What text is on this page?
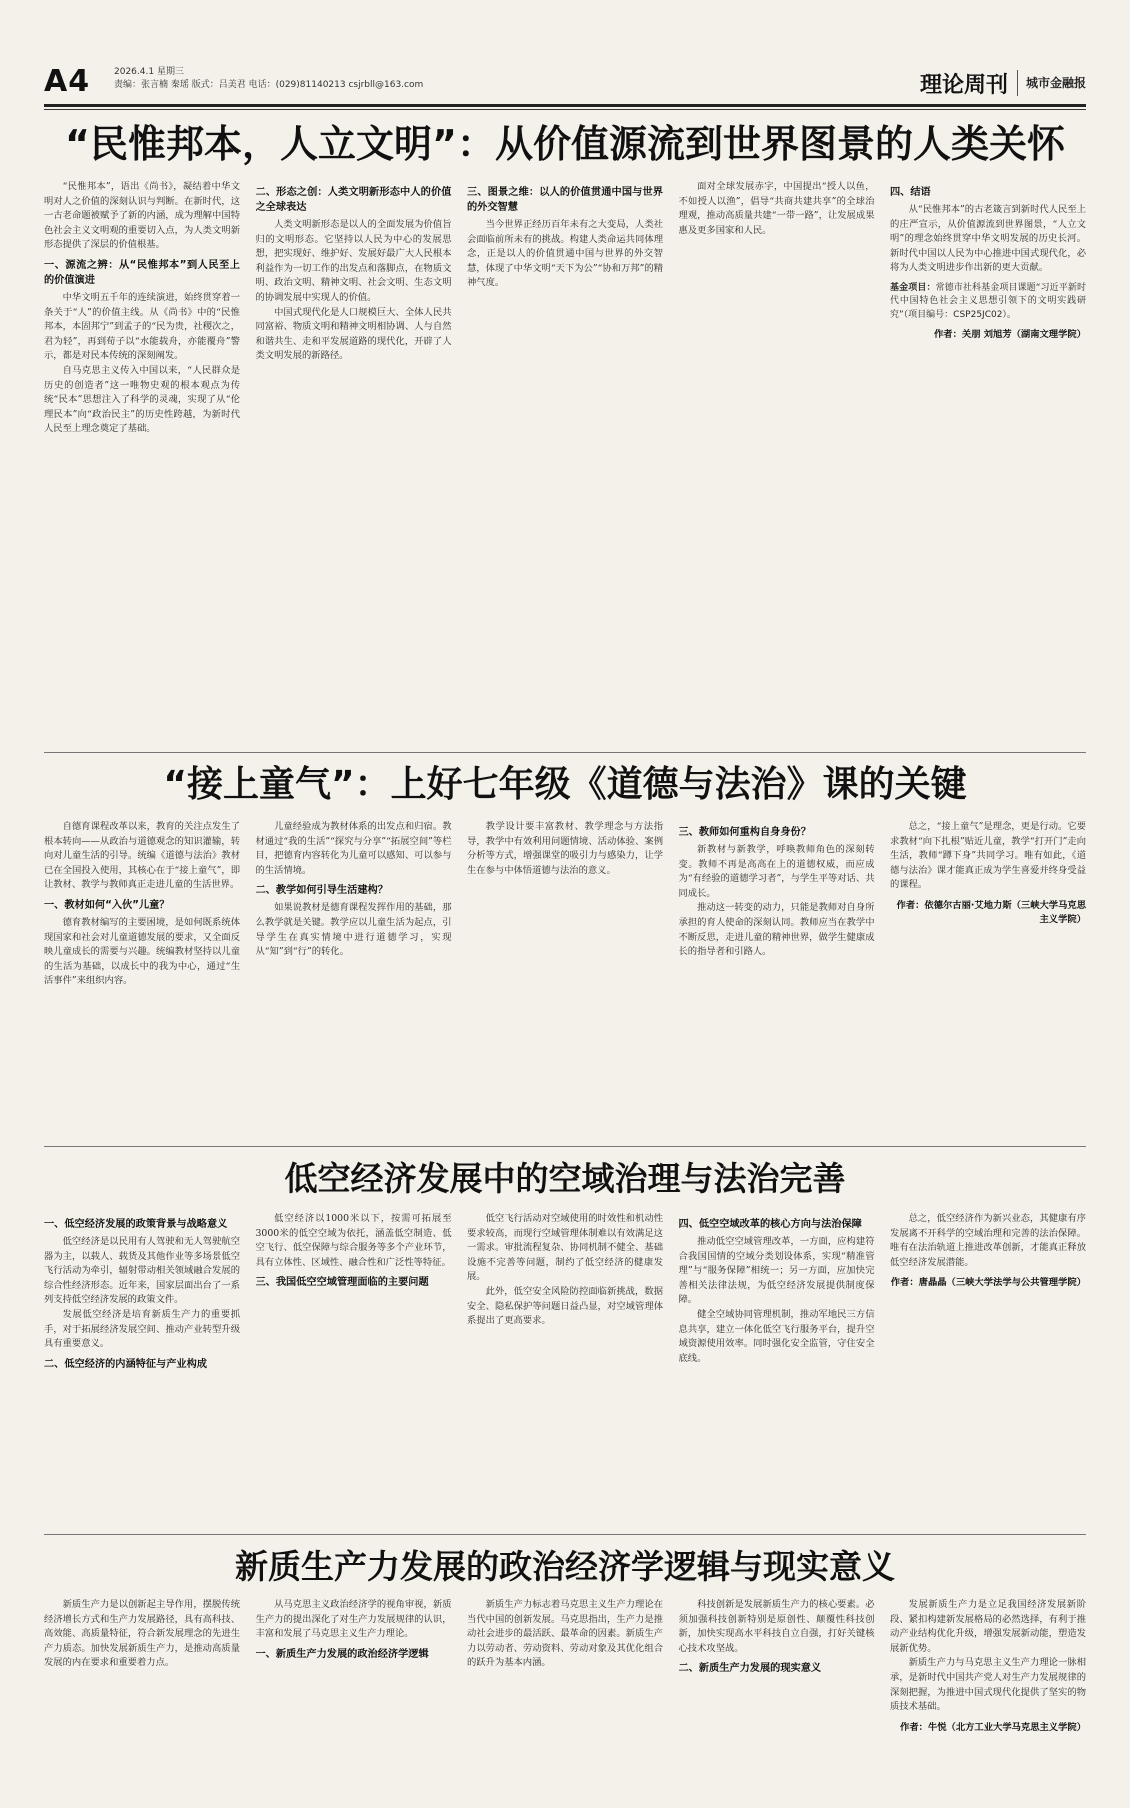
A4	2026.4.1 星期三
责编：张言楠 秦瑶 版式：吕美君 电话：(029)81140213 csjrbll@163.com	理论周刊 城市金融报
“民惟邦本，人立文明”：从价值源流到世界图景的人类关怀

“民惟邦本”，语出《尚书》，凝结着中华文明对人之价值的深刻认识与判断。在新时代，这一古老命题被赋予了新的内涵，成为理解中国特色社会主义文明观的重要切入点，为人类文明新形态提供了深层的价值根基。

一、源流之辨：从“民惟邦本”到人民至上的价值演进

中华文明五千年的连续演进，始终贯穿着一条关于“人”的价值主线。从《尚书》中的“民惟邦本，本固邦宁”到孟子的“民为贵，社稷次之，君为轻”，再到荀子以“水能载舟，亦能覆舟”警示，都是对民本传统的深刻阐发。

自马克思主义传入中国以来，“人民群众是历史的创造者”这一唯物史观的根本观点为传统“民本”思想注入了科学的灵魂，实现了从“伦理民本”向“政治民主”的历史性跨越，为新时代人民至上理念奠定了基础。

二、形态之创：人类文明新形态中人的价值之全球表达

人类文明新形态是以人的全面发展为价值旨归的文明形态。它坚持以人民为中心的发展思想，把实现好、维护好、发展好最广大人民根本利益作为一切工作的出发点和落脚点，在物质文明、政治文明、精神文明、社会文明、生态文明的协调发展中实现人的价值。

中国式现代化是人口规模巨大、全体人民共同富裕、物质文明和精神文明相协调、人与自然和谐共生、走和平发展道路的现代化，开辟了人类文明发展的新路径。

三、图景之维：以人的价值贯通中国与世界的外交智慧

当今世界正经历百年未有之大变局，人类社会面临前所未有的挑战。构建人类命运共同体理念，正是以人的价值贯通中国与世界的外交智慧，体现了中华文明“天下为公”“协和万邦”的精神气度。

面对全球发展赤字，中国提出“授人以鱼，不如授人以渔”，倡导“共商共建共享”的全球治理观，推动高质量共建“一带一路”，让发展成果惠及更多国家和人民。

四、结语

从“民惟邦本”的古老箴言到新时代人民至上的庄严宣示，从价值源流到世界图景，“人立文明”的理念始终贯穿中华文明发展的历史长河。新时代中国以人民为中心推进中国式现代化，必将为人类文明进步作出新的更大贡献。

基金项目：常德市社科基金项目课题“习近平新时代中国特色社会主义思想引领下的文明实践研究”（项目编号：CSP25JC02）。
作者：关朋 刘旭芳（湖南文理学院）
“接上童气”：上好七年级《道德与法治》课的关键

自德育课程改革以来，教育的关注点发生了根本转向——从政治与道德观念的知识灌输，转向对儿童生活的引导。统编《道德与法治》教材已在全国投入使用，其核心在于“接上童气”，即让教材、教学与教师真正走进儿童的生活世界。

一、教材如何“入伙”儿童？

德育教材编写的主要困境，是如何既系统体现国家和社会对儿童道德发展的要求，又全面反映儿童成长的需要与兴趣。统编教材坚持以儿童的生活为基础，以成长中的我为中心，通过“生活事件”来组织内容。

儿童经验成为教材体系的出发点和归宿。教材通过“我的生活”“探究与分享”“拓展空间”等栏目，把德育内容转化为儿童可以感知、可以参与的生活情境。

二、教学如何引导生活建构？

如果说教材是德育课程发挥作用的基础，那么教学就是关键。教学应以儿童生活为起点，引导学生在真实情境中进行道德学习，实现从“知”到“行”的转化。

教学设计要丰富教材、教学理念与方法指导，教学中有效利用问题情境、活动体验、案例分析等方式，增强课堂的吸引力与感染力，让学生在参与中体悟道德与法治的意义。

三、教师如何重构自身身份？

新教材与新教学，呼唤教师角色的深刻转变。教师不再是高高在上的道德权威，而应成为“有经验的道德学习者”，与学生平等对话、共同成长。

推动这一转变的动力，只能是教师对自身所承担的育人使命的深刻认同。教师应当在教学中不断反思，走进儿童的精神世界，做学生健康成长的指导者和引路人。

总之，“接上童气”是理念，更是行动。它要求教材“向下扎根”贴近儿童，教学“打开门”走向生活，教师“蹲下身”共同学习。唯有如此，《道德与法治》课才能真正成为学生喜爱并终身受益的课程。

作者：依德尔古丽·艾地力斯（三峡大学马克思主义学院）
低空经济发展中的空域治理与法治完善
一、低空经济发展的政策背景与战略意义

低空经济是以民用有人驾驶和无人驾驶航空器为主，以载人、载货及其他作业等多场景低空飞行活动为牵引，辐射带动相关领域融合发展的综合性经济形态。近年来，国家层面出台了一系列支持低空经济发展的政策文件。

发展低空经济是培育新质生产力的重要抓手，对于拓展经济发展空间、推动产业转型升级具有重要意义。

二、低空经济的内涵特征与产业构成

低空经济以1000米以下，按需可拓展至3000米的低空空域为依托，涵盖低空制造、低空飞行、低空保障与综合服务等多个产业环节，具有立体性、区域性、融合性和广泛性等特征。

三、我国低空空域管理面临的主要问题

低空飞行活动对空域使用的时效性和机动性要求较高，而现行空域管理体制难以有效满足这一需求。审批流程复杂、协同机制不健全、基础设施不完善等问题，制约了低空经济的健康发展。

此外，低空安全风险防控面临新挑战，数据安全、隐私保护等问题日益凸显，对空域管理体系提出了更高要求。

四、低空空域改革的核心方向与法治保障

推动低空空域管理改革，一方面，应构建符合我国国情的空域分类划设体系，实现“精准管理”与“服务保障”相统一；另一方面，应加快完善相关法律法规，为低空经济发展提供制度保障。

健全空域协同管理机制，推动军地民三方信息共享，建立一体化低空飞行服务平台，提升空域资源使用效率。同时强化安全监管，守住安全底线。

总之，低空经济作为新兴业态，其健康有序发展离不开科学的空域治理和完善的法治保障。唯有在法治轨道上推进改革创新，才能真正释放低空经济发展潜能。

作者：唐晶晶（三峡大学法学与公共管理学院）
新质生产力发展的政治经济学逻辑与现实意义

新质生产力是以创新起主导作用，摆脱传统经济增长方式和生产力发展路径，具有高科技、高效能、高质量特征，符合新发展理念的先进生产力质态。加快发展新质生产力，是推动高质量发展的内在要求和重要着力点。

从马克思主义政治经济学的视角审视，新质生产力的提出深化了对生产力发展规律的认识，丰富和发展了马克思主义生产力理论。

一、新质生产力发展的政治经济学逻辑

新质生产力标志着马克思主义生产力理论在当代中国的创新发展。马克思指出，生产力是推动社会进步的最活跃、最革命的因素。新质生产力以劳动者、劳动资料、劳动对象及其优化组合的跃升为基本内涵。

科技创新是发展新质生产力的核心要素。必须加强科技创新特别是原创性、颠覆性科技创新，加快实现高水平科技自立自强，打好关键核心技术攻坚战。

二、新质生产力发展的现实意义

发展新质生产力是立足我国经济发展新阶段、紧扣构建新发展格局的必然选择，有利于推动产业结构优化升级，增强发展新动能，塑造发展新优势。

新质生产力与马克思主义生产力理论一脉相承，是新时代中国共产党人对生产力发展规律的深刻把握，为推进中国式现代化提供了坚实的物质技术基础。

作者：牛悦（北方工业大学马克思主义学院）
